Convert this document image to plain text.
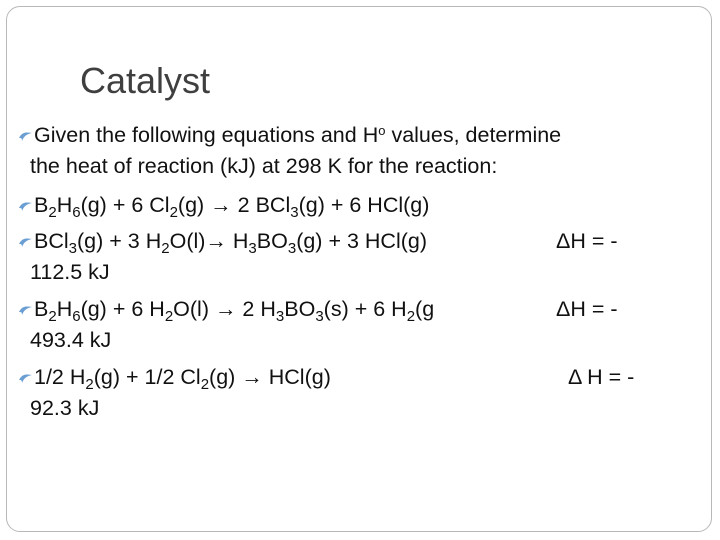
Catalyst
Given the following equations and $H^o$ values, determine
the heat of reaction (kJ) at 298 K for the reaction:
$B_2H_6(g) + 6$ $Cl_2(g) \to 2$ BCl$_3$(g) + 6 HCl(g)
BCl$_3$(g) + 3 $H_2O(l)\to H_3BO_3(g) + 3$ HCl(g)	ΔH = -
112.5 kJ
$B_2H_6(g) + 6$ $H_2O(l) \to 2$ $H_3BO_3(s) + 6$ $H_2(g$	ΔH = -
493.4 kJ
1/2 $H_2(g) + 1/2$ $Cl_2(g) \to HCl(g)$	Δ H = -
92.3 kJ
